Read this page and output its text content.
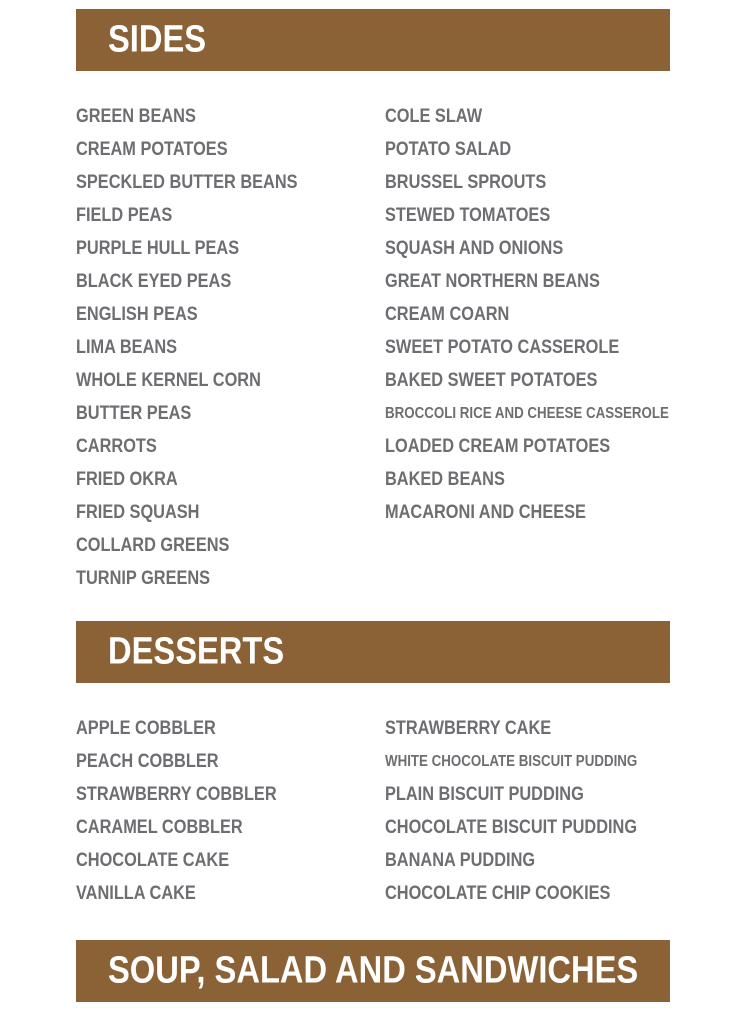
SIDES
GREEN BEANS
CREAM POTATOES
SPECKLED BUTTER BEANS
FIELD PEAS
PURPLE HULL PEAS
BLACK EYED PEAS
ENGLISH PEAS
LIMA BEANS
WHOLE KERNEL CORN
BUTTER PEAS
CARROTS
FRIED OKRA
FRIED SQUASH
COLLARD GREENS
TURNIP GREENS
COLE SLAW
POTATO SALAD
BRUSSEL SPROUTS
STEWED TOMATOES
SQUASH AND ONIONS
GREAT NORTHERN BEANS
CREAM COARN
SWEET POTATO CASSEROLE
BAKED SWEET POTATOES
BROCCOLI RICE AND CHEESE CASSEROLE
LOADED CREAM POTATOES
BAKED BEANS
MACARONI AND CHEESE
DESSERTS
APPLE COBBLER
PEACH COBBLER
STRAWBERRY COBBLER
CARAMEL COBBLER
CHOCOLATE CAKE
VANILLA CAKE
STRAWBERRY CAKE
WHITE CHOCOLATE BISCUIT PUDDING
PLAIN BISCUIT PUDDING
CHOCOLATE BISCUIT PUDDING
BANANA PUDDING
CHOCOLATE CHIP COOKIES
SOUP, SALAD AND SANDWICHES
